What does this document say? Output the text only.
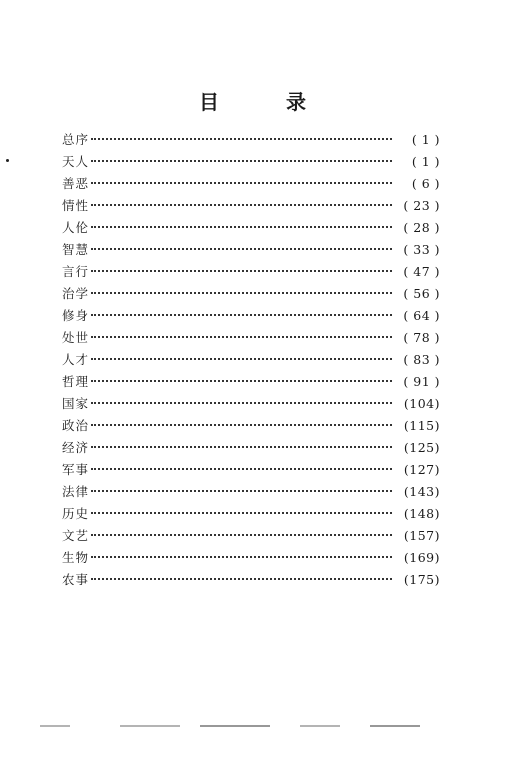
目 录
总序	( 1 )
天人	( 1 )
善恶	( 6 )
情性	( 23 )
人伦	( 28 )
智慧	( 33 )
言行	( 47 )
治学	( 56 )
修身	( 64 )
处世	( 78 )
人才	( 83 )
哲理	( 91 )
国家	(104)
政治	(115)
经济	(125)
军事	(127)
法律	(143)
历史	(148)
文艺	(157)
生物	(169)
农事	(175)
